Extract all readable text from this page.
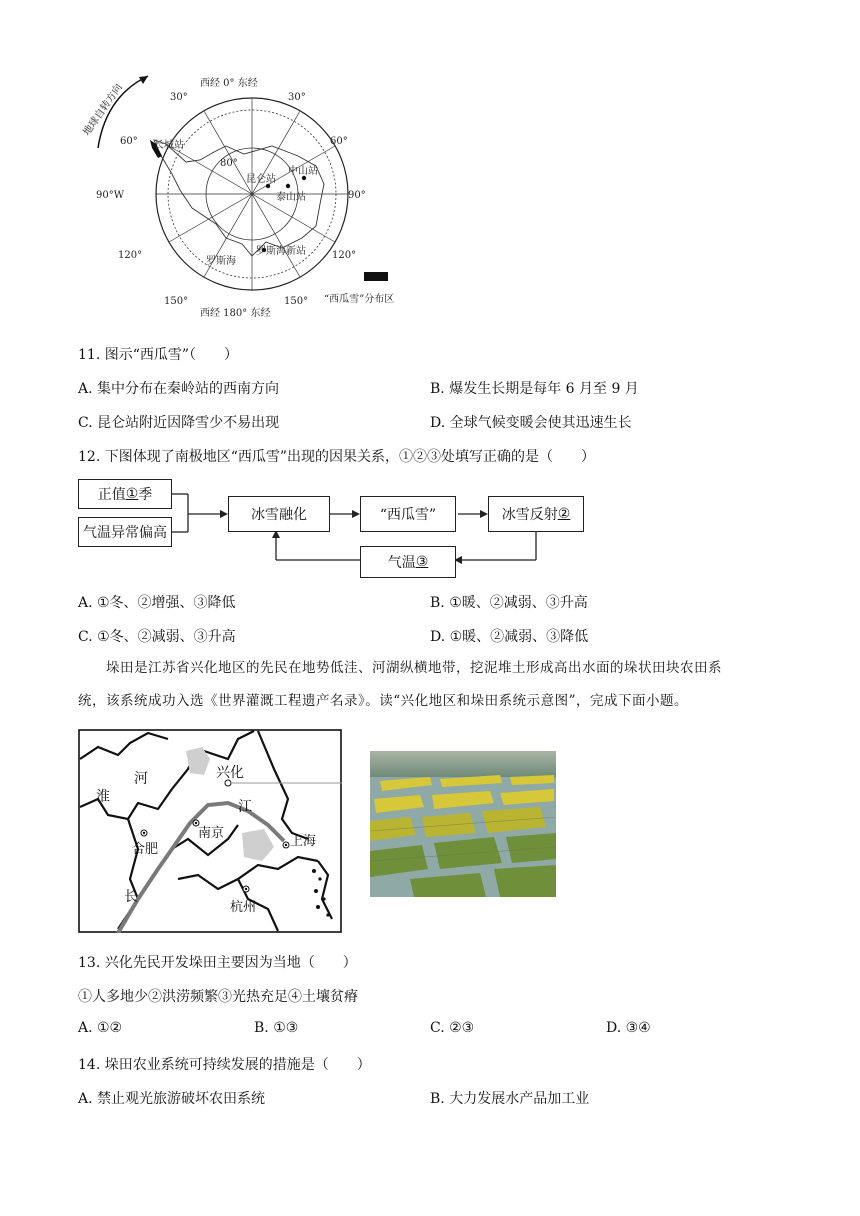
地球自转方向
“西瓜雪”分布区
西经 0° 东经
西经 180° 东经
90°W	90°
30°	30°
60°	60°
120°	120°
150°	150°
80°
长城站
昆仑站
中山站
泰山站
罗斯海新站
罗斯海
11. 图示“西瓜雪”（　　）
A. 集中分布在秦岭站的西南方向	B. 爆发生长期是每年 6 月至 9 月
C. 昆仑站附近因降雪少不易出现	D. 全球气候变暖会使其迅速生长
12. 下图体现了南极地区“西瓜雪”出现的因果关系，①②③处填写正确的是（　　）
正值 ① 季
气温异常偏高
冰雪融化	“西瓜雪”	冰雪反射 ②
气温 ③
A. ①冬、②增强、③降低	B. ①暖、②减弱、③升高
C. ①冬、②减弱、③升高	D. ①暖、②减弱、③降低
垛田是江苏省兴化地区的先民在地势低洼、河湖纵横地带，挖泥堆土形成高出水面的垛状田块农田系
统，该系统成功入选《世界灌溉工程遗产名录》。读“兴化地区和垛田系统示意图”，完成下面小题。
兴化
淮
河
长
江
南京
合肥
上海
杭州
13. 兴化先民开发垛田主要因为当地（　　）
①人多地少②洪涝频繁③光热充足④土壤贫瘠
A. ①②	B. ①③	C. ②③	D. ③④
14. 垛田农业系统可持续发展的措施是（　　）
A. 禁止观光旅游破坏农田系统	B. 大力发展水产品加工业
